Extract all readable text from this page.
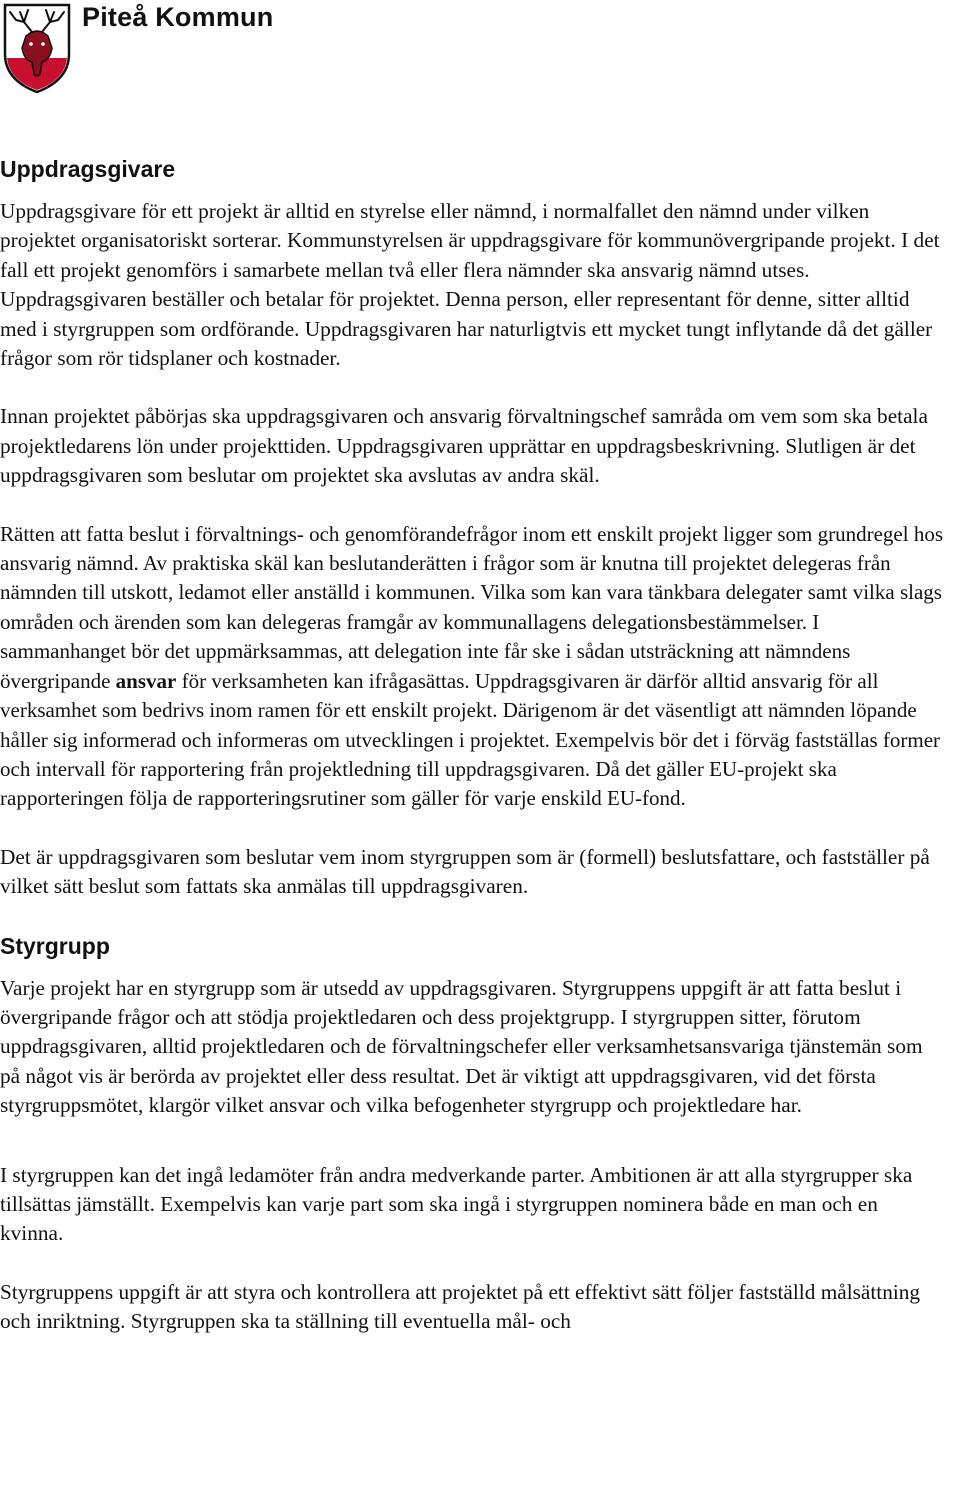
Piteå Kommun
Uppdragsgivare

Uppdragsgivare för ett projekt är alltid en styrelse eller nämnd, i normalfallet den nämnd under vilken projektet organisatoriskt sorterar. Kommunstyrelsen är uppdragsgivare för kommunövergripande projekt. I det fall ett projekt genomförs i samarbete mellan två eller flera nämnder ska ansvarig nämnd utses. Uppdragsgivaren beställer och betalar för projektet. Denna person, eller representant för denne, sitter alltid med i styrgruppen som ordförande. Uppdragsgivaren har naturligtvis ett mycket tungt inflytande då det gäller frågor som rör tidsplaner och kostnader.

Innan projektet påbörjas ska uppdragsgivaren och ansvarig förvaltningschef samråda om vem som ska betala projektledarens lön under projekttiden. Uppdragsgivaren upprättar en uppdragsbeskrivning. Slutligen är det uppdragsgivaren som beslutar om projektet ska avslutas av andra skäl.

Rätten att fatta beslut i förvaltnings- och genomförandefrågor inom ett enskilt projekt ligger som grundregel hos ansvarig nämnd. Av praktiska skäl kan beslutanderätten i frågor som är knutna till projektet delegeras från nämnden till utskott, ledamot eller anställd i kommunen. Vilka som kan vara tänkbara delegater samt vilka slags områden och ärenden som kan delegeras framgår av kommunallagens delegationsbestämmelser. I sammanhanget bör det uppmärksammas, att delegation inte får ske i sådan utsträckning att nämndens övergripande ansvar för verksamheten kan ifrågasättas. Uppdragsgivaren är därför alltid ansvarig för all verksamhet som bedrivs inom ramen för ett enskilt projekt. Därigenom är det väsentligt att nämnden löpande håller sig informerad och informeras om utvecklingen i projektet. Exempelvis bör det i förväg fastställas former och intervall för rapportering från projektledning till uppdragsgivaren. Då det gäller EU-projekt ska rapporteringen följa de rapporteringsrutiner som gäller för varje enskild EU-fond.

Det är uppdragsgivaren som beslutar vem inom styrgruppen som är (formell) beslutsfattare, och fastställer på vilket sätt beslut som fattats ska anmälas till uppdragsgivaren.

Styrgrupp

Varje projekt har en styrgrupp som är utsedd av uppdragsgivaren. Styrgruppens uppgift är att fatta beslut i övergripande frågor och att stödja projektledaren och dess projektgrupp. I styrgruppen sitter, förutom uppdragsgivaren, alltid projektledaren och de förvaltningschefer eller verksamhetsansvariga tjänstemän som på något vis är berörda av projektet eller dess resultat. Det är viktigt att uppdragsgivaren, vid det första styrgruppsmötet, klargör vilket ansvar och vilka befogenheter styrgrupp och projektledare har.

I styrgruppen kan det ingå ledamöter från andra medverkande parter. Ambitionen är att alla styrgrupper ska tillsättas jämställt. Exempelvis kan varje part som ska ingå i styrgruppen nominera både en man och en kvinna.

Styrgruppens uppgift är att styra och kontrollera att projektet på ett effektivt sätt följer fastställd målsättning och inriktning. Styrgruppen ska ta ställning till eventuella mål- och
